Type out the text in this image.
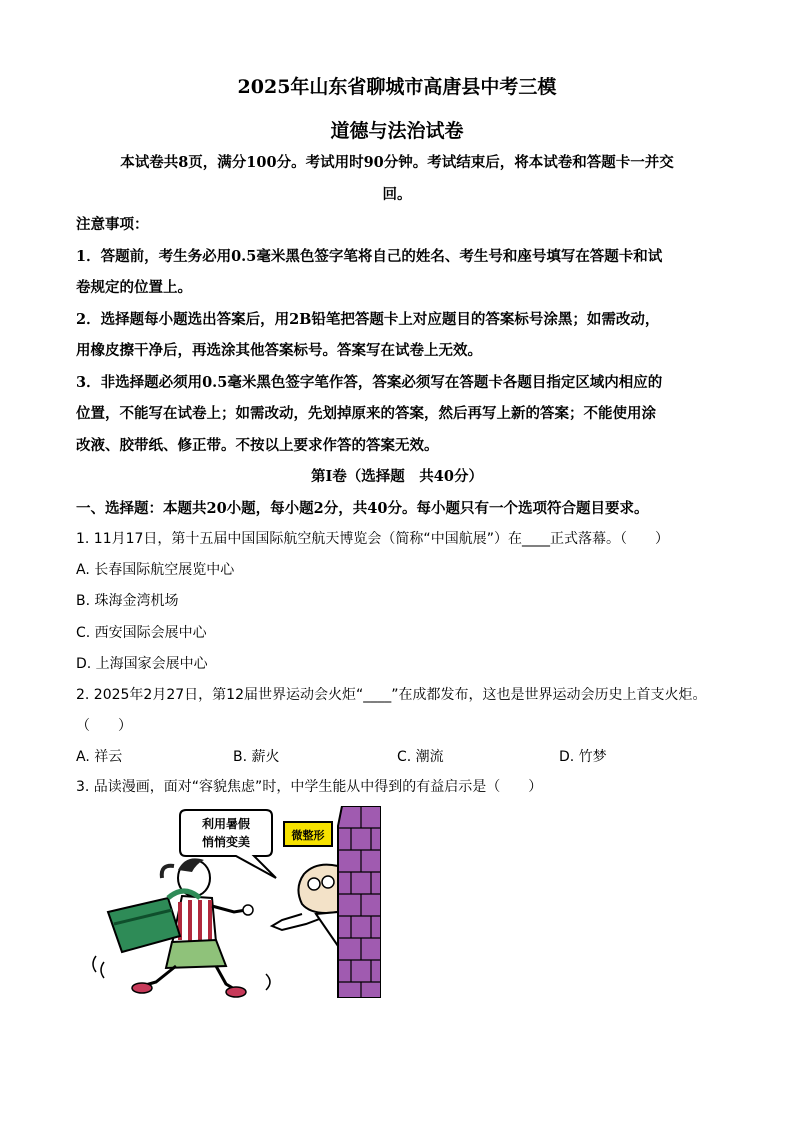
2025年山东省聊城市高唐县中考三模
道德与法治试卷
本试卷共8页，满分100分。考试用时90分钟。考试结束后，将本试卷和答题卡一并交
回。
注意事项：
1．答题前，考生务必用0.5毫米黑色签字笔将自己的姓名、考生号和座号填写在答题卡和试
卷规定的位置上。
2．选择题每小题选出答案后，用2B铅笔把答题卡上对应题目的答案标号涂黑；如需改动，
用橡皮擦干净后，再选涂其他答案标号。答案写在试卷上无效。
3．非选择题必须用0.5毫米黑色签字笔作答，答案必须写在答题卡各题目指定区域内相应的
位置，不能写在试卷上；如需改动，先划掉原来的答案，然后再写上新的答案；不能使用涂
改液、胶带纸、修正带。不按以上要求作答的答案无效。
第Ⅰ卷（选择题　共40分）
一、选择题：本题共20小题，每小题2分，共40分。每小题只有一个选项符合题目要求。
1. 11月17日，第十五届中国国际航空航天博览会（简称“中国航展”）在____正式落幕。（　　）
A. 长春国际航空展览中心
B. 珠海金湾机场
C. 西安国际会展中心
D. 上海国家会展中心
2. 2025年2月27日，第12届世界运动会火炬“____”在成都发布，这也是世界运动会历史上首支火炬。
（　　）
A. 祥云	B. 薪火	C. 潮流	D. 竹梦
3. 品读漫画，面对“容貌焦虑”时，中学生能从中得到的有益启示是（　　）
微整形
利用暑假
悄悄变美
